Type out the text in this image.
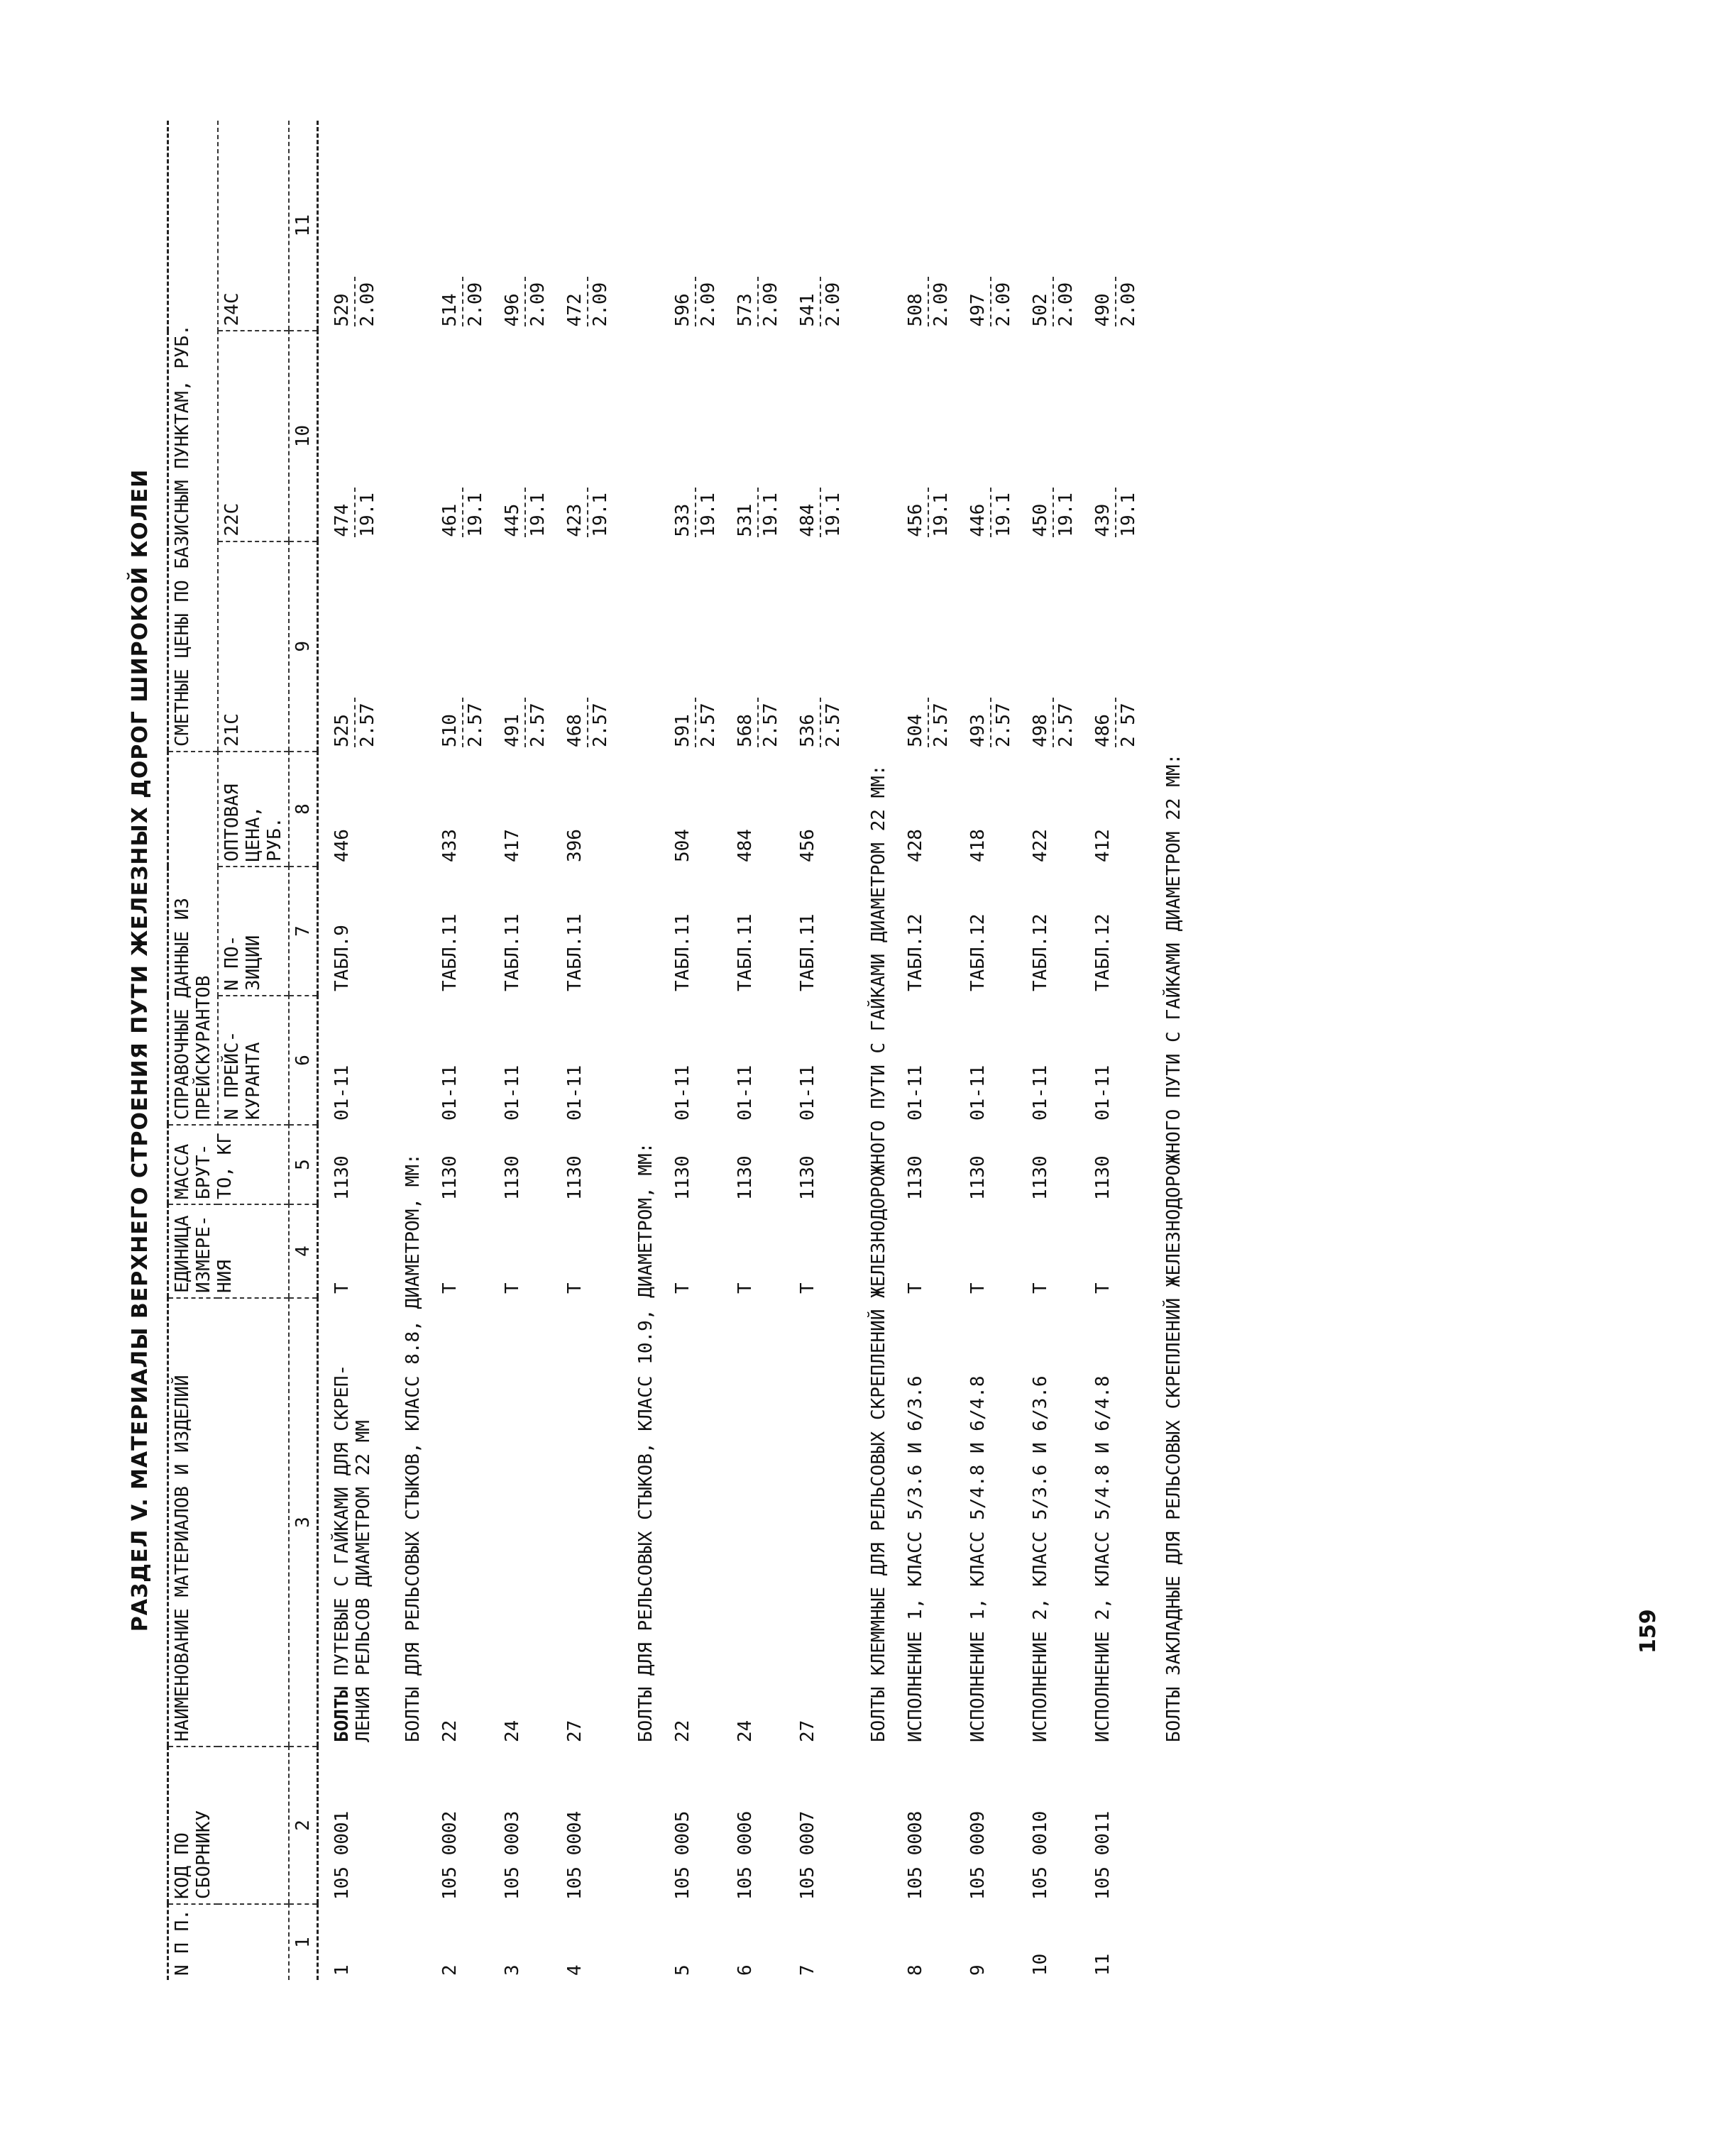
РАЗДЕЛ V. МАТЕРИАЛЫ ВЕРХНЕГО СТРОЕНИЯ ПУТИ ЖЕЛЕЗНЫХ ДОРОГ ШИРОКОЙ КОЛЕИ
N П П.	КОД ПО СБОРНИКУ	НАИМЕНОВАНИЕ МАТЕРИАЛОВ И ИЗДЕЛИЙ	ЕДИНИЦА ИЗМЕРЕ- НИЯ	МАССА БРУТ- ТО, КГ	СПРАВОЧНЫЕ ДАННЫЕ ИЗ ПРЕЙСКУРАНТОВ			СМЕТНЫЕ ЦЕНЫ ПО БАЗИСНЫМ ПУНКТАМ, РУБ.		
					N ПРЕЙС- КУРАНТА	N ПО- ЗИЦИИ	ОПТОВАЯ ЦЕНА, РУБ.	21С	22С	24С
1	2	3	4	5	6	7	8	9	10	11
1	105 0001	БОЛТЫ ПУТЕВЫЕ С ГАЙКАМИ ДЛЯ СКРЕП- ЛЕНИЯ РЕЛЬСОВ ДИАМЕТРОМ 22 ММ	Т	1130	01-11	ТАБЛ.9	446	525 2.57	474 19.1	529 2.09
		БОЛТЫ ДЛЯ РЕЛЬСОВЫХ СТЫКОВ, КЛАСС 8.8, ДИАМЕТРОМ, ММ:								
2	105 0002	22	Т	1130	01-11	ТАБЛ.11	433	510 2.57	461 19.1	514 2.09
3	105 0003	24	Т	1130	01-11	ТАБЛ.11	417	491 2.57	445 19.1	496 2.09
4	105 0004	27	Т	1130	01-11	ТАБЛ.11	396	468 2.57	423 19.1	472 2.09
		БОЛТЫ ДЛЯ РЕЛЬСОВЫХ СТЫКОВ, КЛАСС 10.9, ДИАМЕТРОМ, ММ:								
5	105 0005	22	Т	1130	01-11	ТАБЛ.11	504	591 2.57	533 19.1	596 2.09
6	105 0006	24	Т	1130	01-11	ТАБЛ.11	484	568 2.57	531 19.1	573 2.09
7	105 0007	27	Т	1130	01-11	ТАБЛ.11	456	536 2.57	484 19.1	541 2.09
		БОЛТЫ КЛЕММНЫЕ ДЛЯ РЕЛЬСОВЫХ СКРЕПЛЕНИЙ ЖЕЛЕЗНОДОРОЖНОГО ПУТИ С ГАЙКАМИ ДИАМЕТРОМ 22 ММ:								
8	105 0008	ИСПОЛНЕНИЕ 1, КЛАСС 5/3.6 И 6/3.6	Т	1130	01-11	ТАБЛ.12	428	504 2.57	456 19.1	508 2.09
9	105 0009	ИСПОЛНЕНИЕ 1, КЛАСС 5/4.8 И 6/4.8	Т	1130	01-11	ТАБЛ.12	418	493 2.57	446 19.1	497 2.09
10	105 0010	ИСПОЛНЕНИЕ 2, КЛАСС 5/3.6 И 6/3.6	Т	1130	01-11	ТАБЛ.12	422	498 2.57	450 19.1	502 2.09
11	105 0011	ИСПОЛНЕНИЕ 2, КЛАСС 5/4.8 И 6/4.8	Т	1130	01-11	ТАБЛ.12	412	486 2 57	439 19.1	490 2.09
		БОЛТЫ ЗАКЛАДНЫЕ ДЛЯ РЕЛЬСОВЫХ СКРЕПЛЕНИЙ ЖЕЛЕЗНОДОРОЖНОГО ПУТИ С ГАЙКАМИ ДИАМЕТРОМ 22 ММ:									159
